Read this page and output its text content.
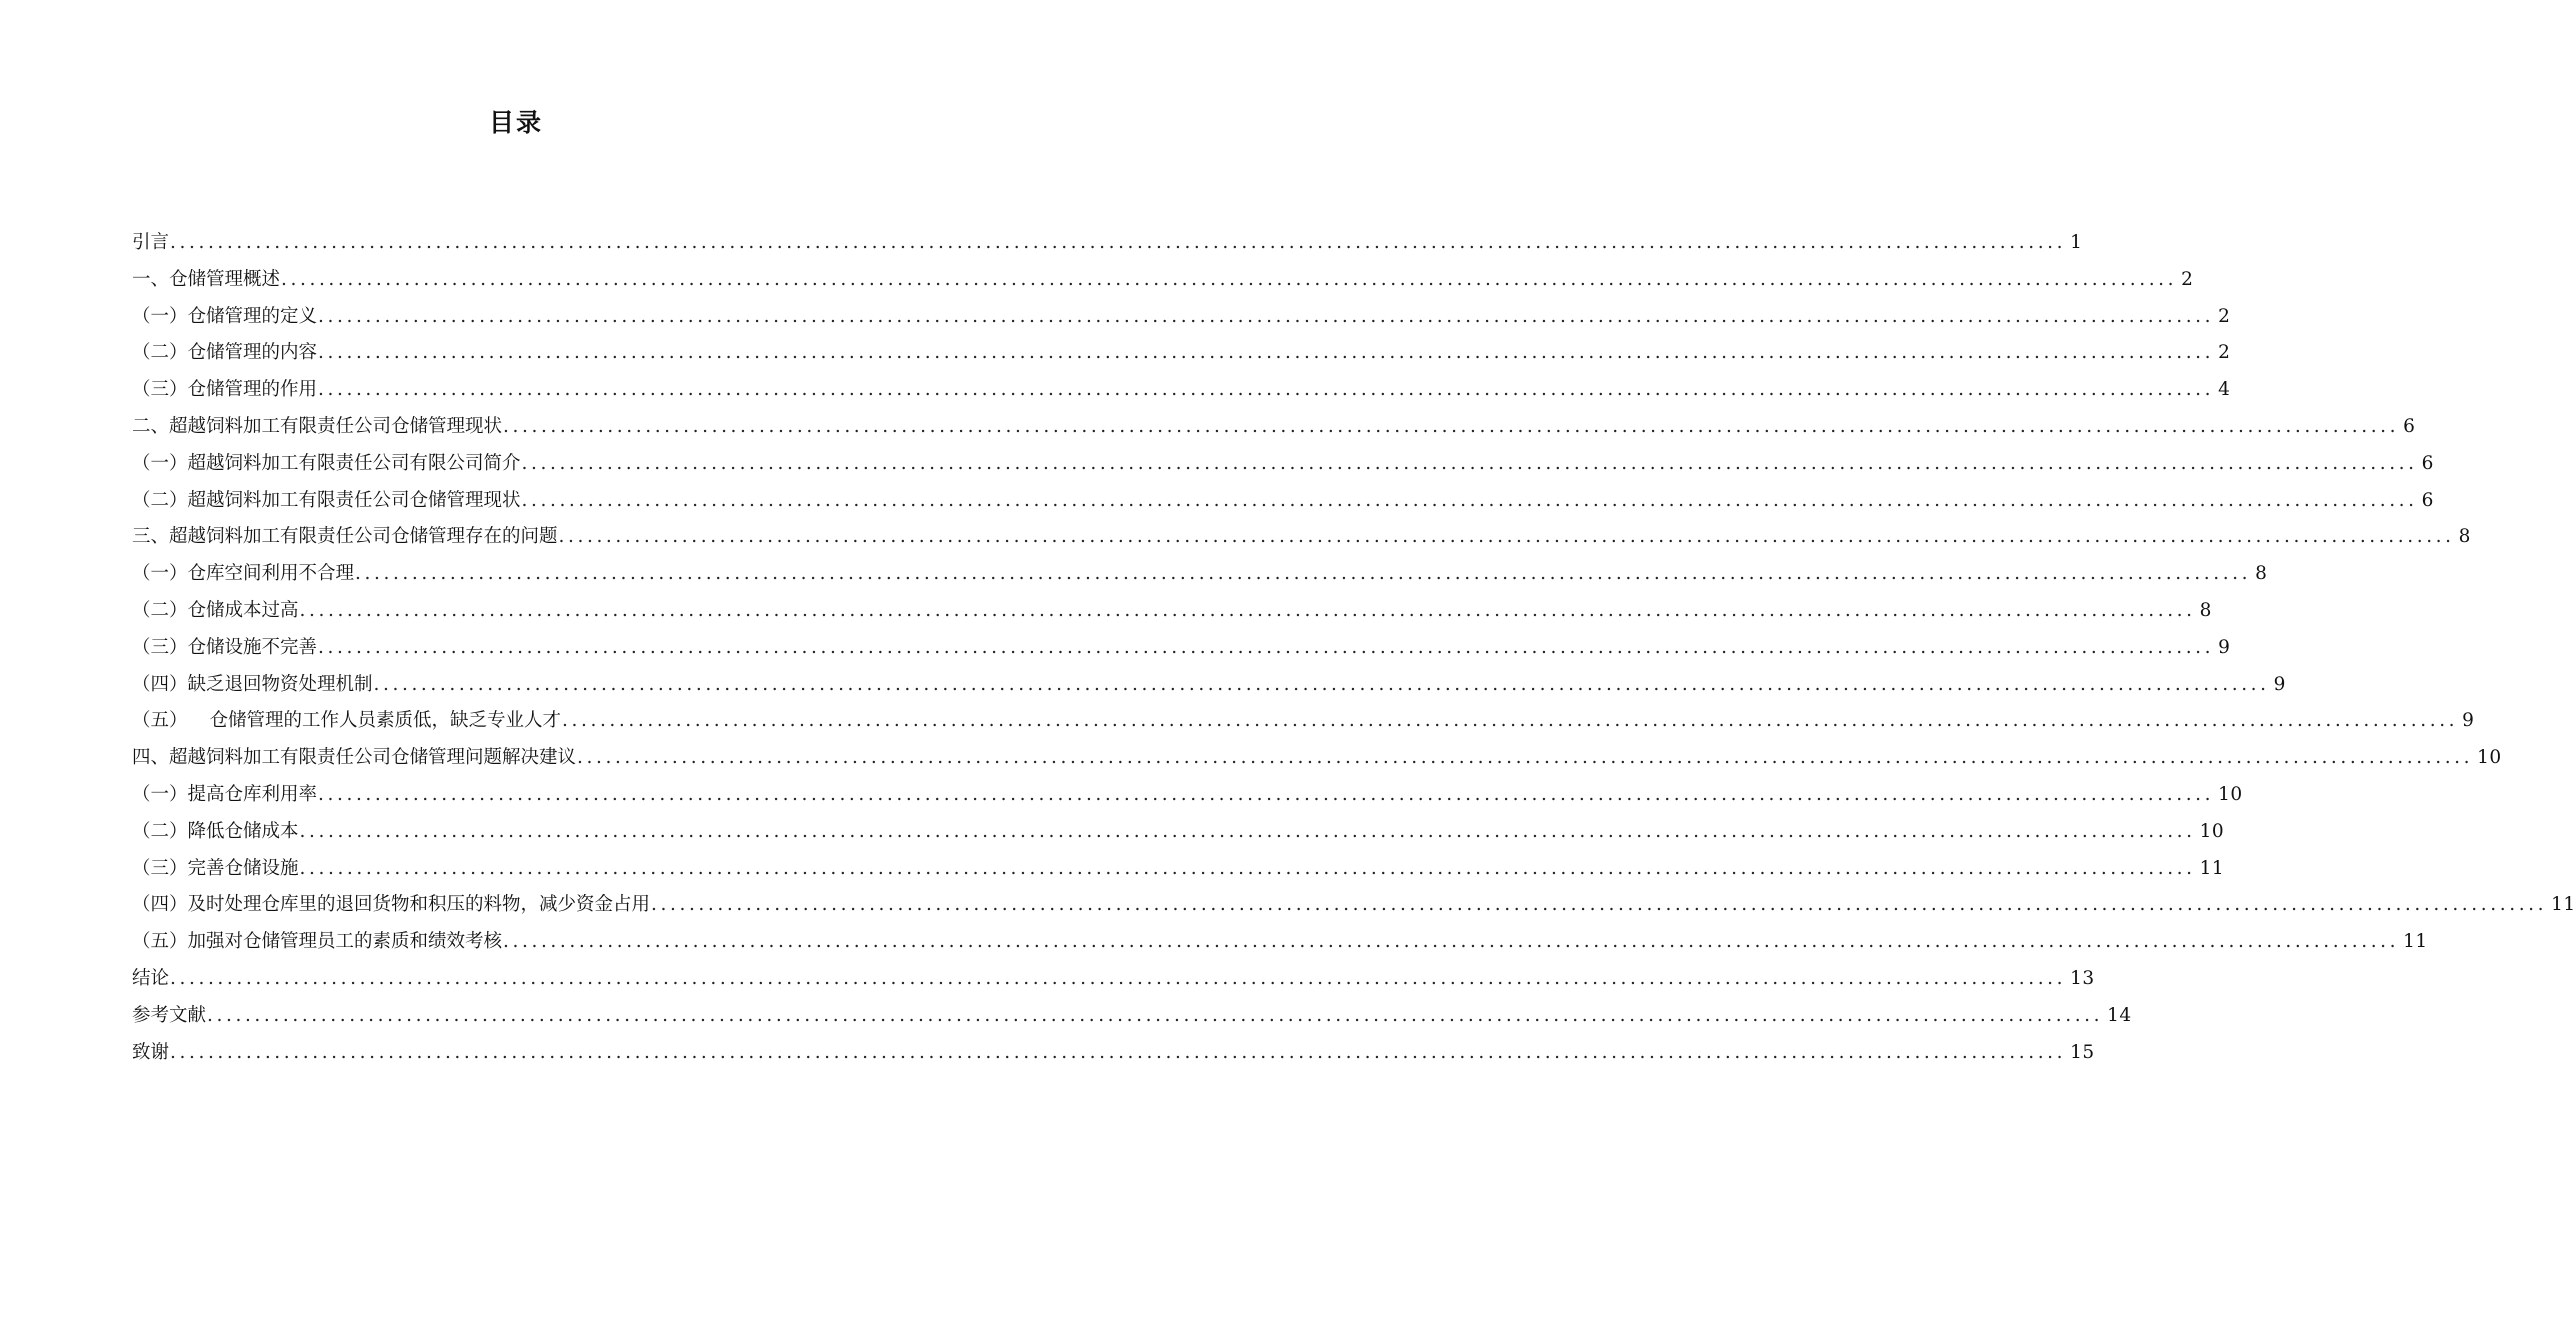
目录
引言 ........................................................................................................................................................................................................ 1
一、仓储管理概述 ........................................................................................................................................................................................................ 2
（一）仓储管理的定义 ........................................................................................................................................................................................................ 2
（二）仓储管理的内容 ........................................................................................................................................................................................................ 2
（三）仓储管理的作用 ........................................................................................................................................................................................................ 4
二、超越饲料加工有限责任公司仓储管理现状 ........................................................................................................................................................................................................ 6
（一）超越饲料加工有限责任公司有限公司简介 ........................................................................................................................................................................................................ 6
（二）超越饲料加工有限责任公司仓储管理现状 ........................................................................................................................................................................................................ 6
三、超越饲料加工有限责任公司仓储管理存在的问题 ........................................................................................................................................................................................................ 8
（一）仓库空间利用不合理 ........................................................................................................................................................................................................ 8
（二）仓储成本过高 ........................................................................................................................................................................................................ 8
（三）仓储设施不完善 ........................................................................................................................................................................................................ 9
（四）缺乏退回物资处理机制 ........................................................................................................................................................................................................ 9
（五） 仓储管理的工作人员素质低，缺乏专业人才 ........................................................................................................................................................................................................ 9
四、超越饲料加工有限责任公司仓储管理问题解决建议 ........................................................................................................................................................................................................ 10
（一）提高仓库利用率 ........................................................................................................................................................................................................ 10
（二）降低仓储成本 ........................................................................................................................................................................................................ 10
（三）完善仓储设施 ........................................................................................................................................................................................................ 11
（四）及时处理仓库里的退回货物和积压的料物，减少资金占用 ........................................................................................................................................................................................................ 11
（五）加强对仓储管理员工的素质和绩效考核 ........................................................................................................................................................................................................ 11
结论 ........................................................................................................................................................................................................ 13
参考文献 ........................................................................................................................................................................................................ 14
致谢 ........................................................................................................................................................................................................ 15
